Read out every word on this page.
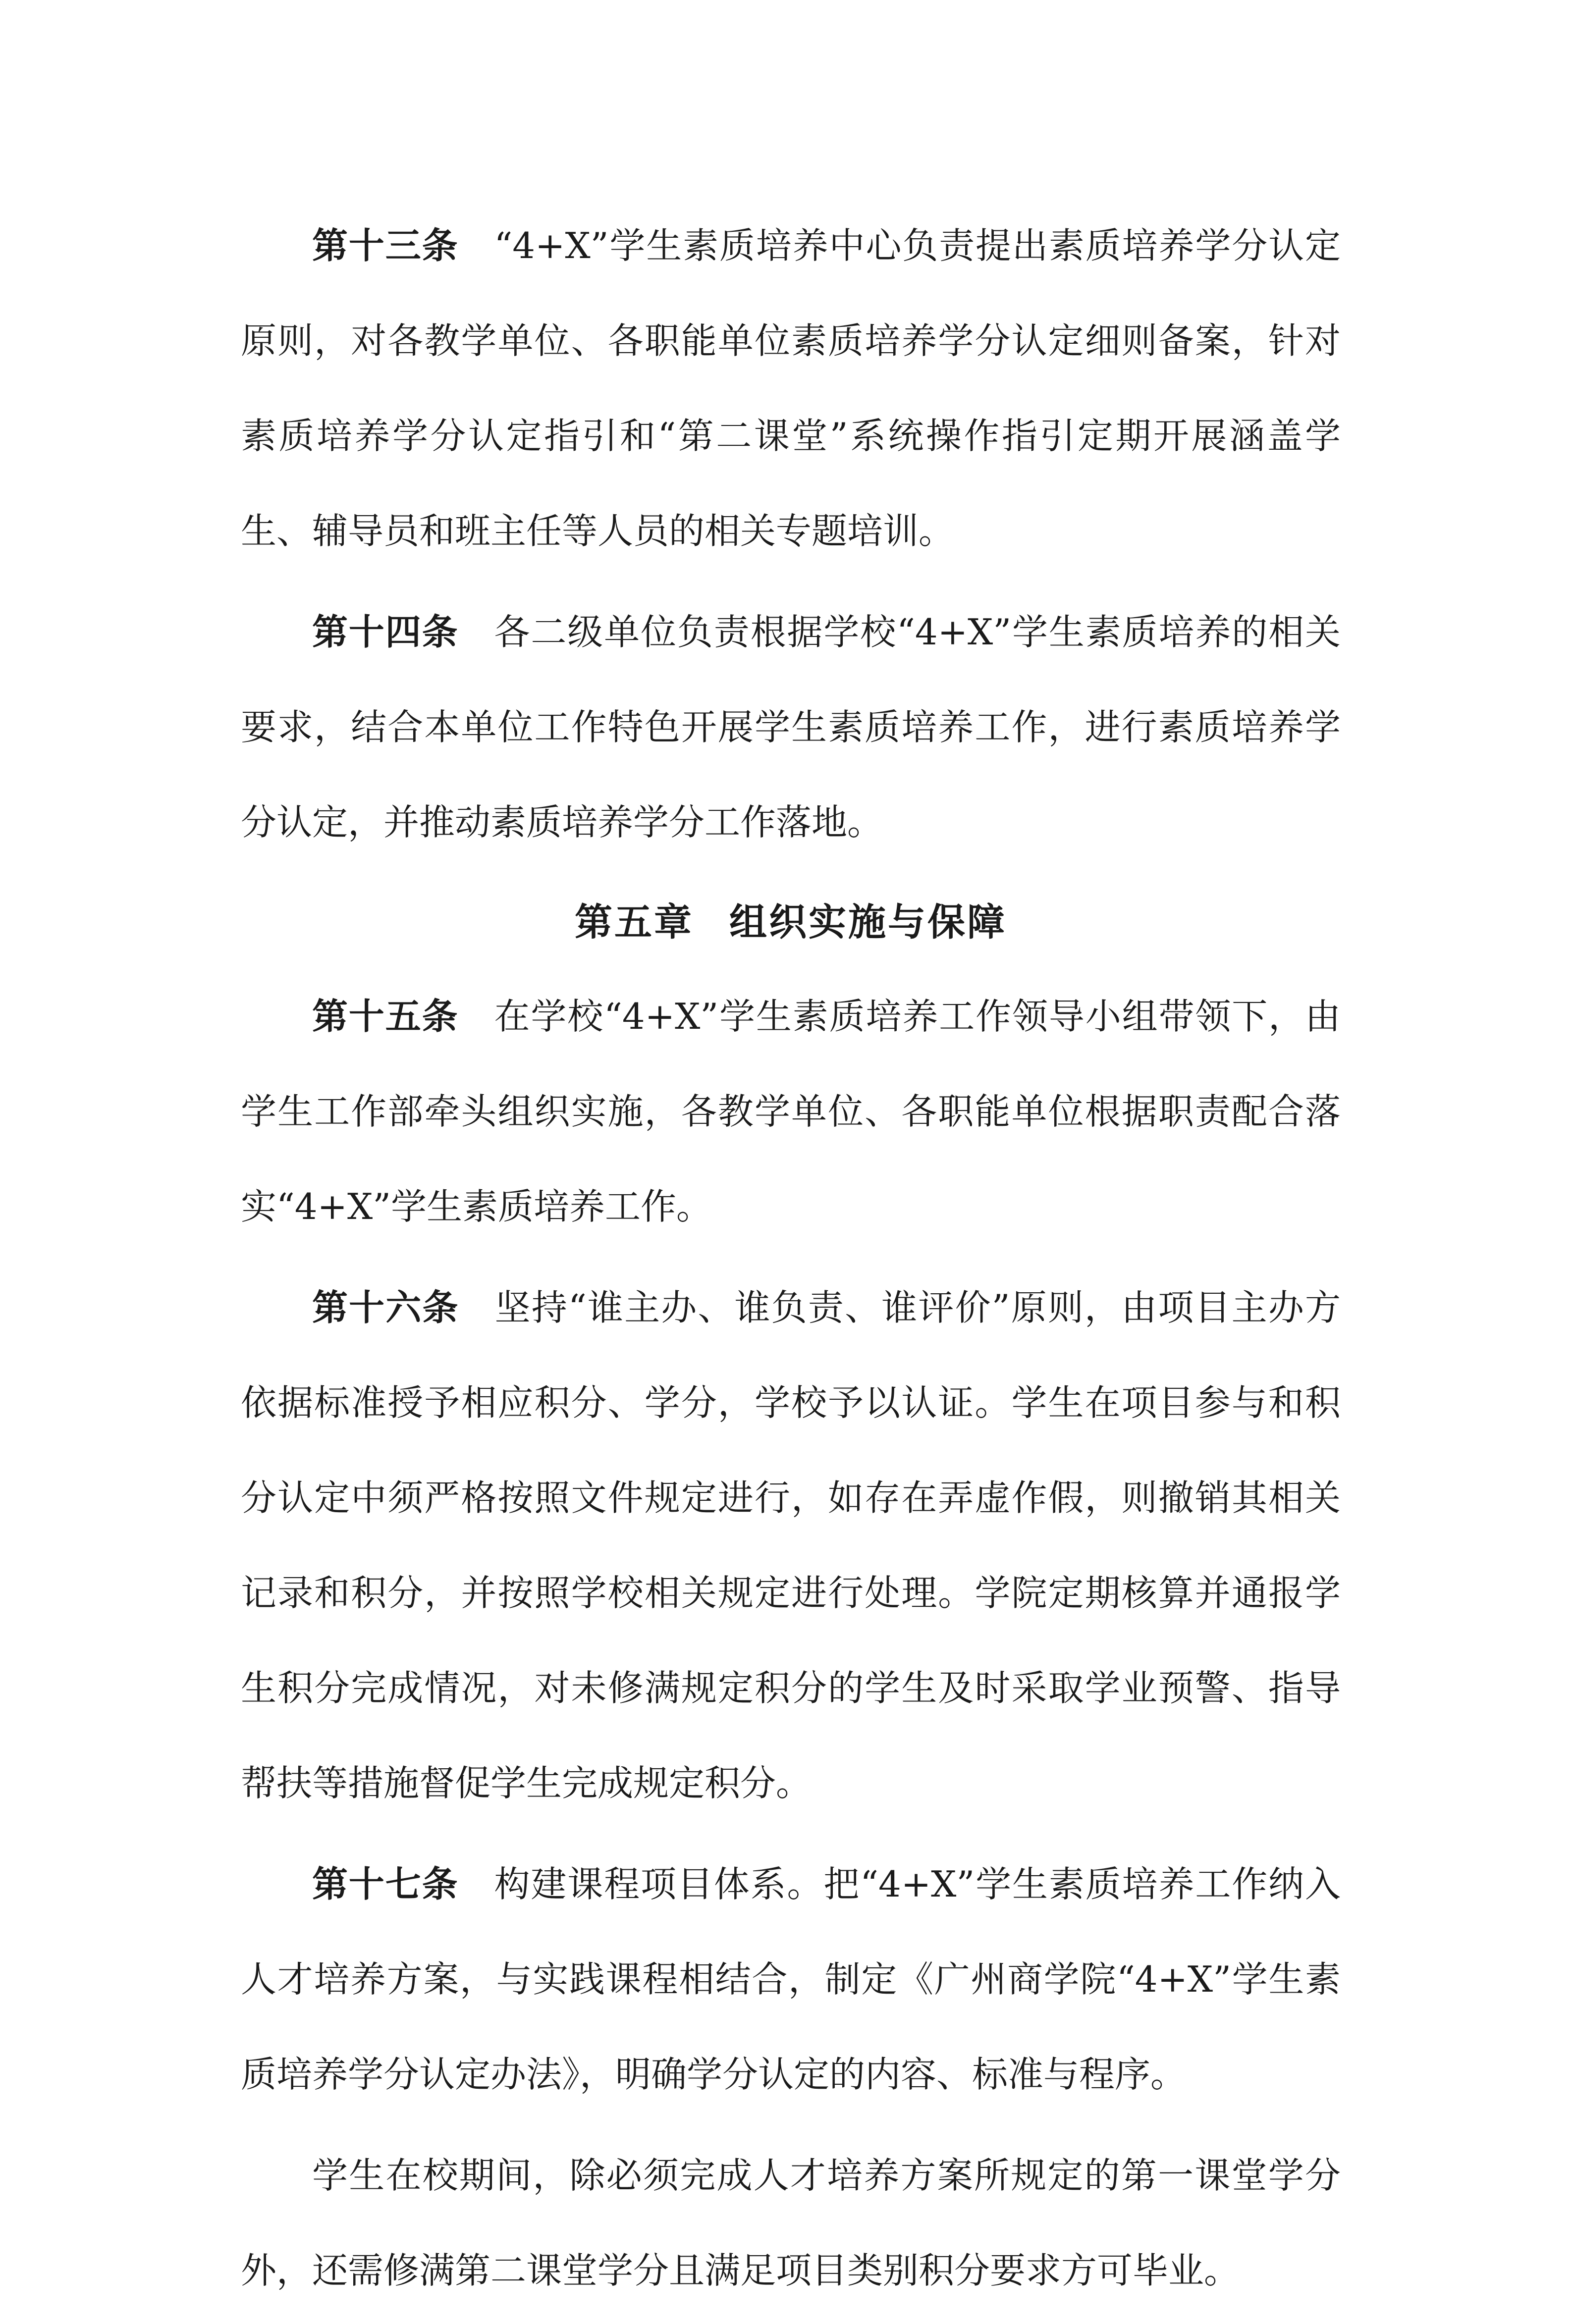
第十三条 “4+X”学生素质培养中心负责提出素质培养学分认定原则，对各教学单位、各职能单位素质培养学分认定细则备案，针对素质培养学分认定指引和“第二课堂”系统操作指引定期开展涵盖学生、辅导员和班主任等人员的相关专题培训。

第十四条 各二级单位负责根据学校“4+X”学生素质培养的相关要求，结合本单位工作特色开展学生素质培养工作，进行素质培养学分认定，并推动素质培养学分工作落地。

第五章 组织实施与保障

第十五条 在学校“4+X”学生素质培养工作领导小组带领下，由学生工作部牵头组织实施，各教学单位、各职能单位根据职责配合落实“4+X”学生素质培养工作。

第十六条 坚持“谁主办、谁负责、谁评价”原则，由项目主办方依据标准授予相应积分、学分，学校予以认证。学生在项目参与和积分认定中须严格按照文件规定进行，如存在弄虚作假，则撤销其相关记录和积分，并按照学校相关规定进行处理。学院定期核算并通报学生积分完成情况，对未修满规定积分的学生及时采取学业预警、指导帮扶等措施督促学生完成规定积分。

第十七条 构建课程项目体系。把“4+X”学生素质培养工作纳入人才培养方案，与实践课程相结合，制定《广州商学院“4+X”学生素质培养学分认定办法》，明确学分认定的内容、标准与程序。

学生在校期间，除必须完成人才培养方案所规定的第一课堂学分外，还需修满第二课堂学分且满足项目类别积分要求方可毕业。
